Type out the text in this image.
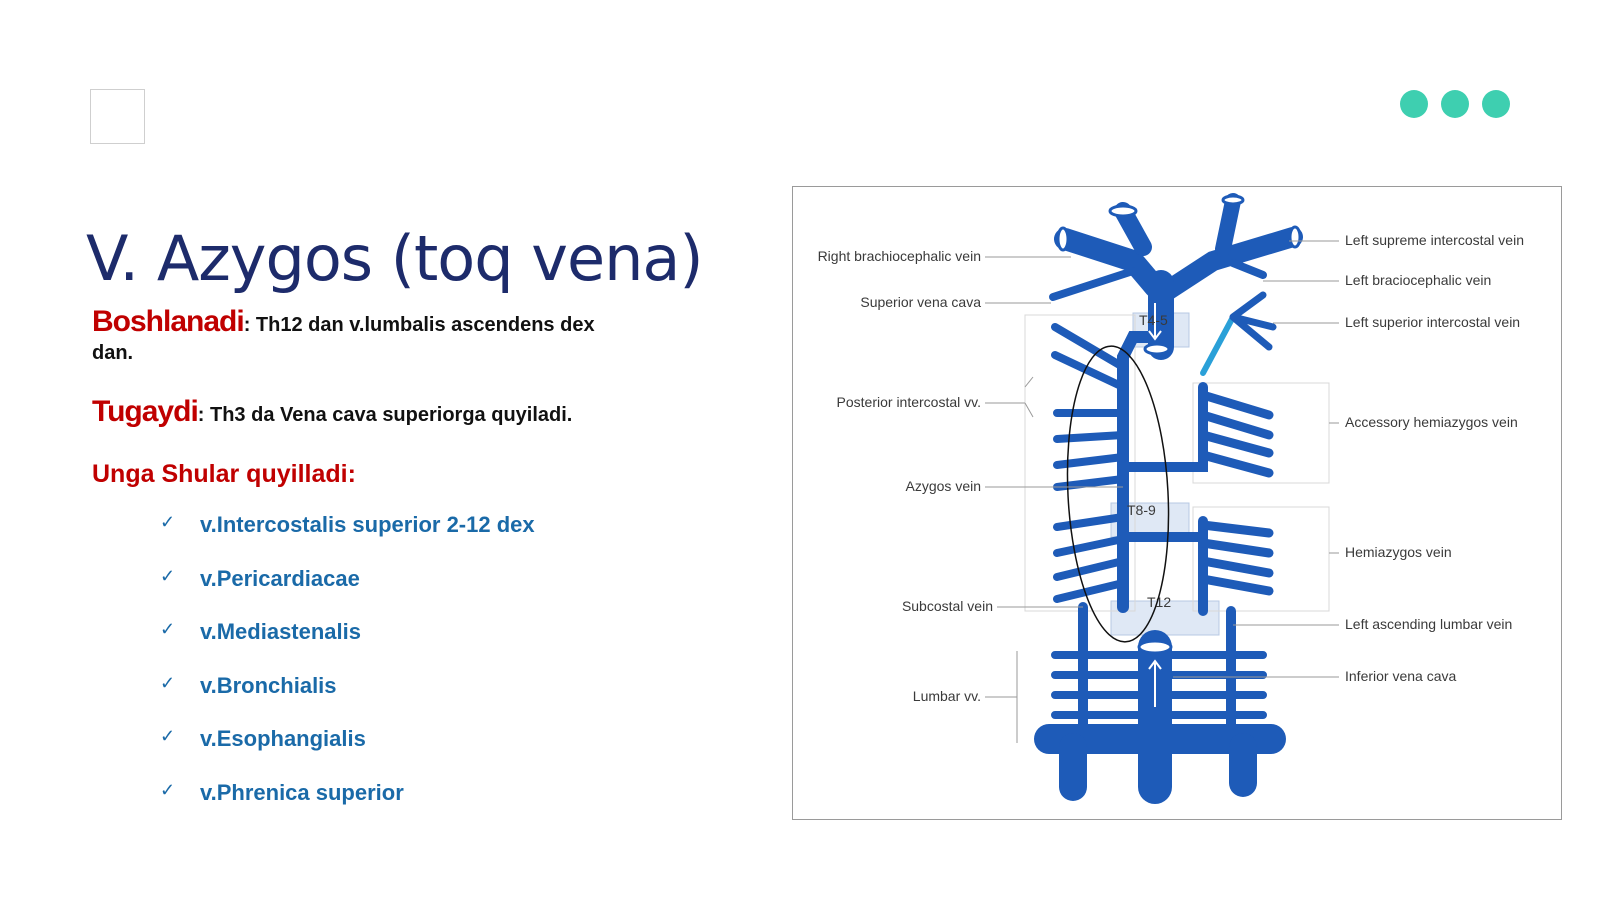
V. Azygos (toq vena)
Boshlanadi: Th12 dan v.lumbalis ascendens dex dan.
Tugaydi: Th3 da Vena cava superiorga quyiladi.
Unga Shular quyilladi:
✓	v.Intercostalis superior 2-12 dex
✓	v.Pericardiacae
✓	v.Mediastenalis
✓	v.Bronchialis
✓	v.Esophangialis
✓	v.Phrenica superior
T4-5
T8-9
T12
Right brachiocephalic vein
Superior vena cava
Posterior intercostal vv.
Azygos vein
Subcostal vein
Lumbar vv.
Left supreme intercostal vein
Left braciocephalic vein
Left superior intercostal vein
Accessory hemiazygos vein
Hemiazygos vein
Left ascending lumbar vein
Inferior vena cava
